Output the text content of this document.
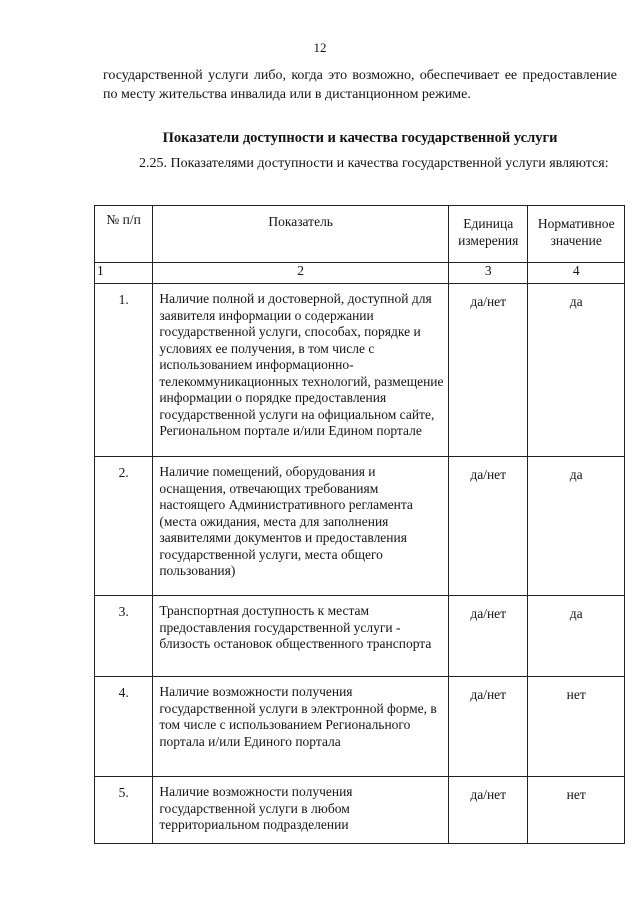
12
государственной услуги либо, когда это возможно, обеспечивает ее предоставление по месту жительства инвалида или в дистанционном режиме.
Показатели доступности и качества государственной услуги
2.25. Показателями доступности и качества государственной услуги являются:
№ п/п	Показатель	Единица измерения	Нормативное значение
1	2	3	4
1.	Наличие полной и достоверной, доступной для заявителя информации о содержании государственной услуги, способах, порядке и условиях ее получения, в том числе с использованием информационно-телекоммуникационных технологий, размещение информации о порядке предоставления государственной услуги на официальном сайте, Региональном портале и/или Едином портале	да/нет	да
2.	Наличие помещений, оборудования и оснащения, отвечающих требованиям настоящего Административного регламента (места ожидания, места для заполнения заявителями документов и предоставления государственной услуги, места общего пользования)	да/нет	да
3.	Транспортная доступность к местам предоставления государственной услуги - близость остановок общественного транспорта	да/нет	да
4.	Наличие возможности получения государственной услуги в электронной форме, в том числе с использованием Регионального портала и/или Единого портала	да/нет	нет
5.	Наличие возможности получения государственной услуги в любом территориальном подразделении	да/нет	нет
